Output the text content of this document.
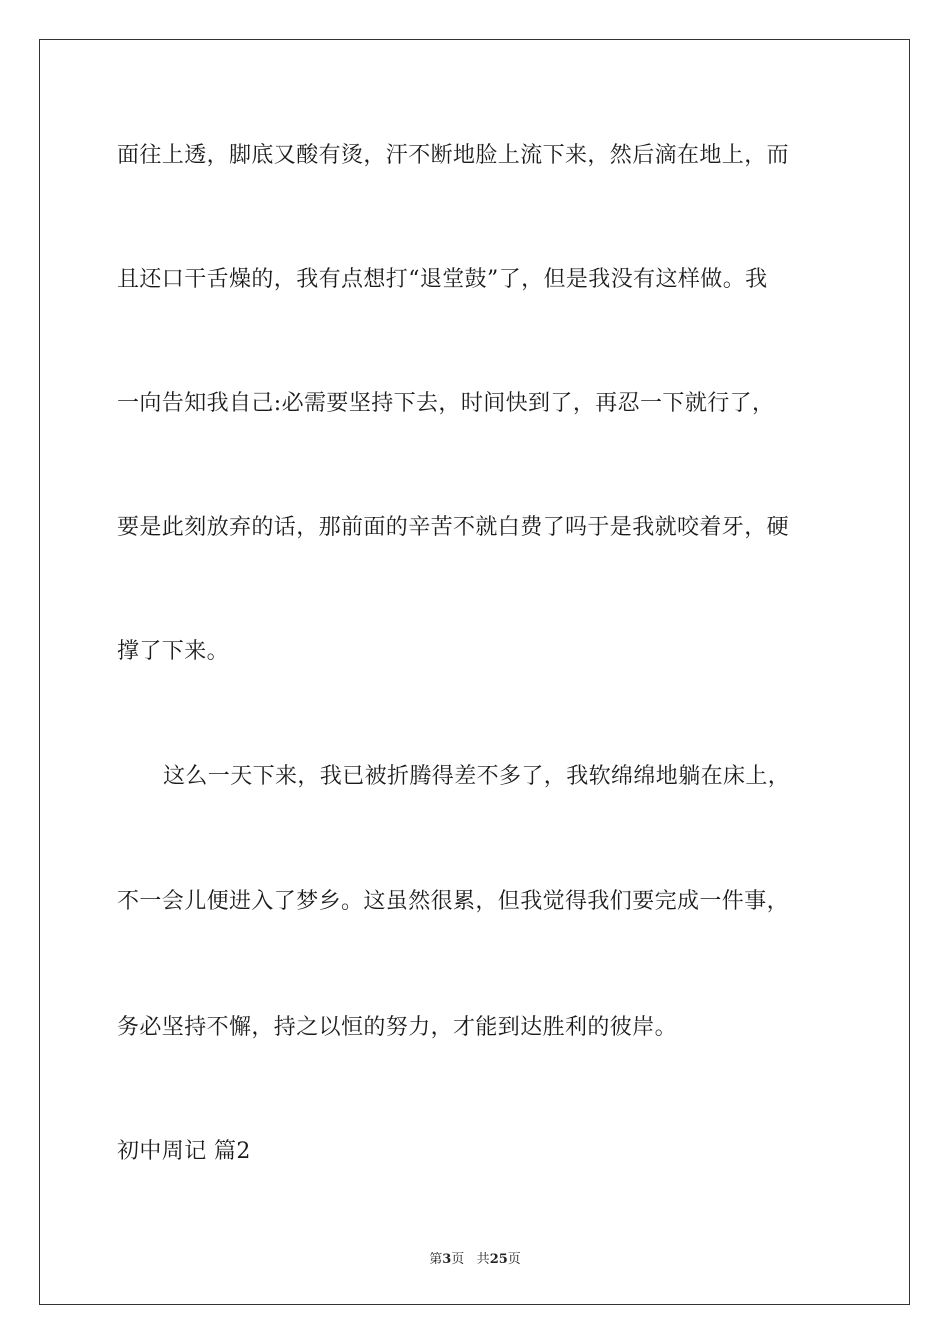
面往上透，脚底又酸有烫，汗不断地脸上流下来，然后滴在地上，而
且还口干舌燥的，我有点想打“退堂鼓”了，但是我没有这样做。我
一向告知我自己:必需要坚持下去，时间快到了，再忍一下就行了，
要是此刻放弃的话，那前面的辛苦不就白费了吗于是我就咬着牙，硬
撑了下来。
这么一天下来，我已被折腾得差不多了，我软绵绵地躺在床上，
不一会儿便进入了梦乡。这虽然很累，但我觉得我们要完成一件事，
务必坚持不懈，持之以恒的努力，才能到达胜利的彼岸。
初中周记 篇2
第3页 共25页
